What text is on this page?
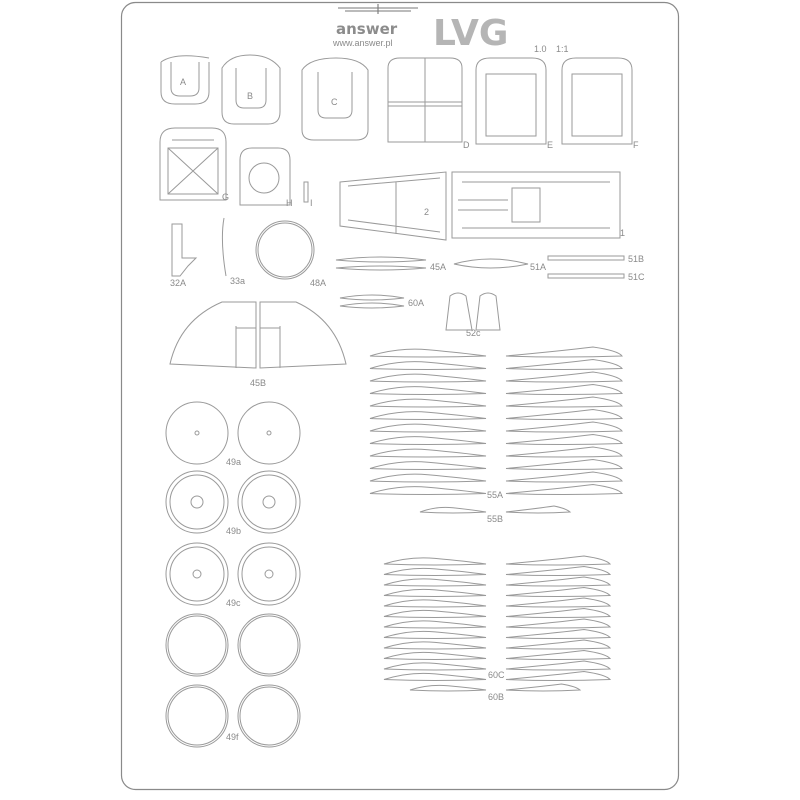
answer
www.answer.pl LVG	1.0 1:1
A
B
C
D	E	F
G
H I
2
1
32A	33a	48A
45A	51A
51B
51C
60A
52c
45B
49a
49b
49c
49f
55A
55B
60C
60B
